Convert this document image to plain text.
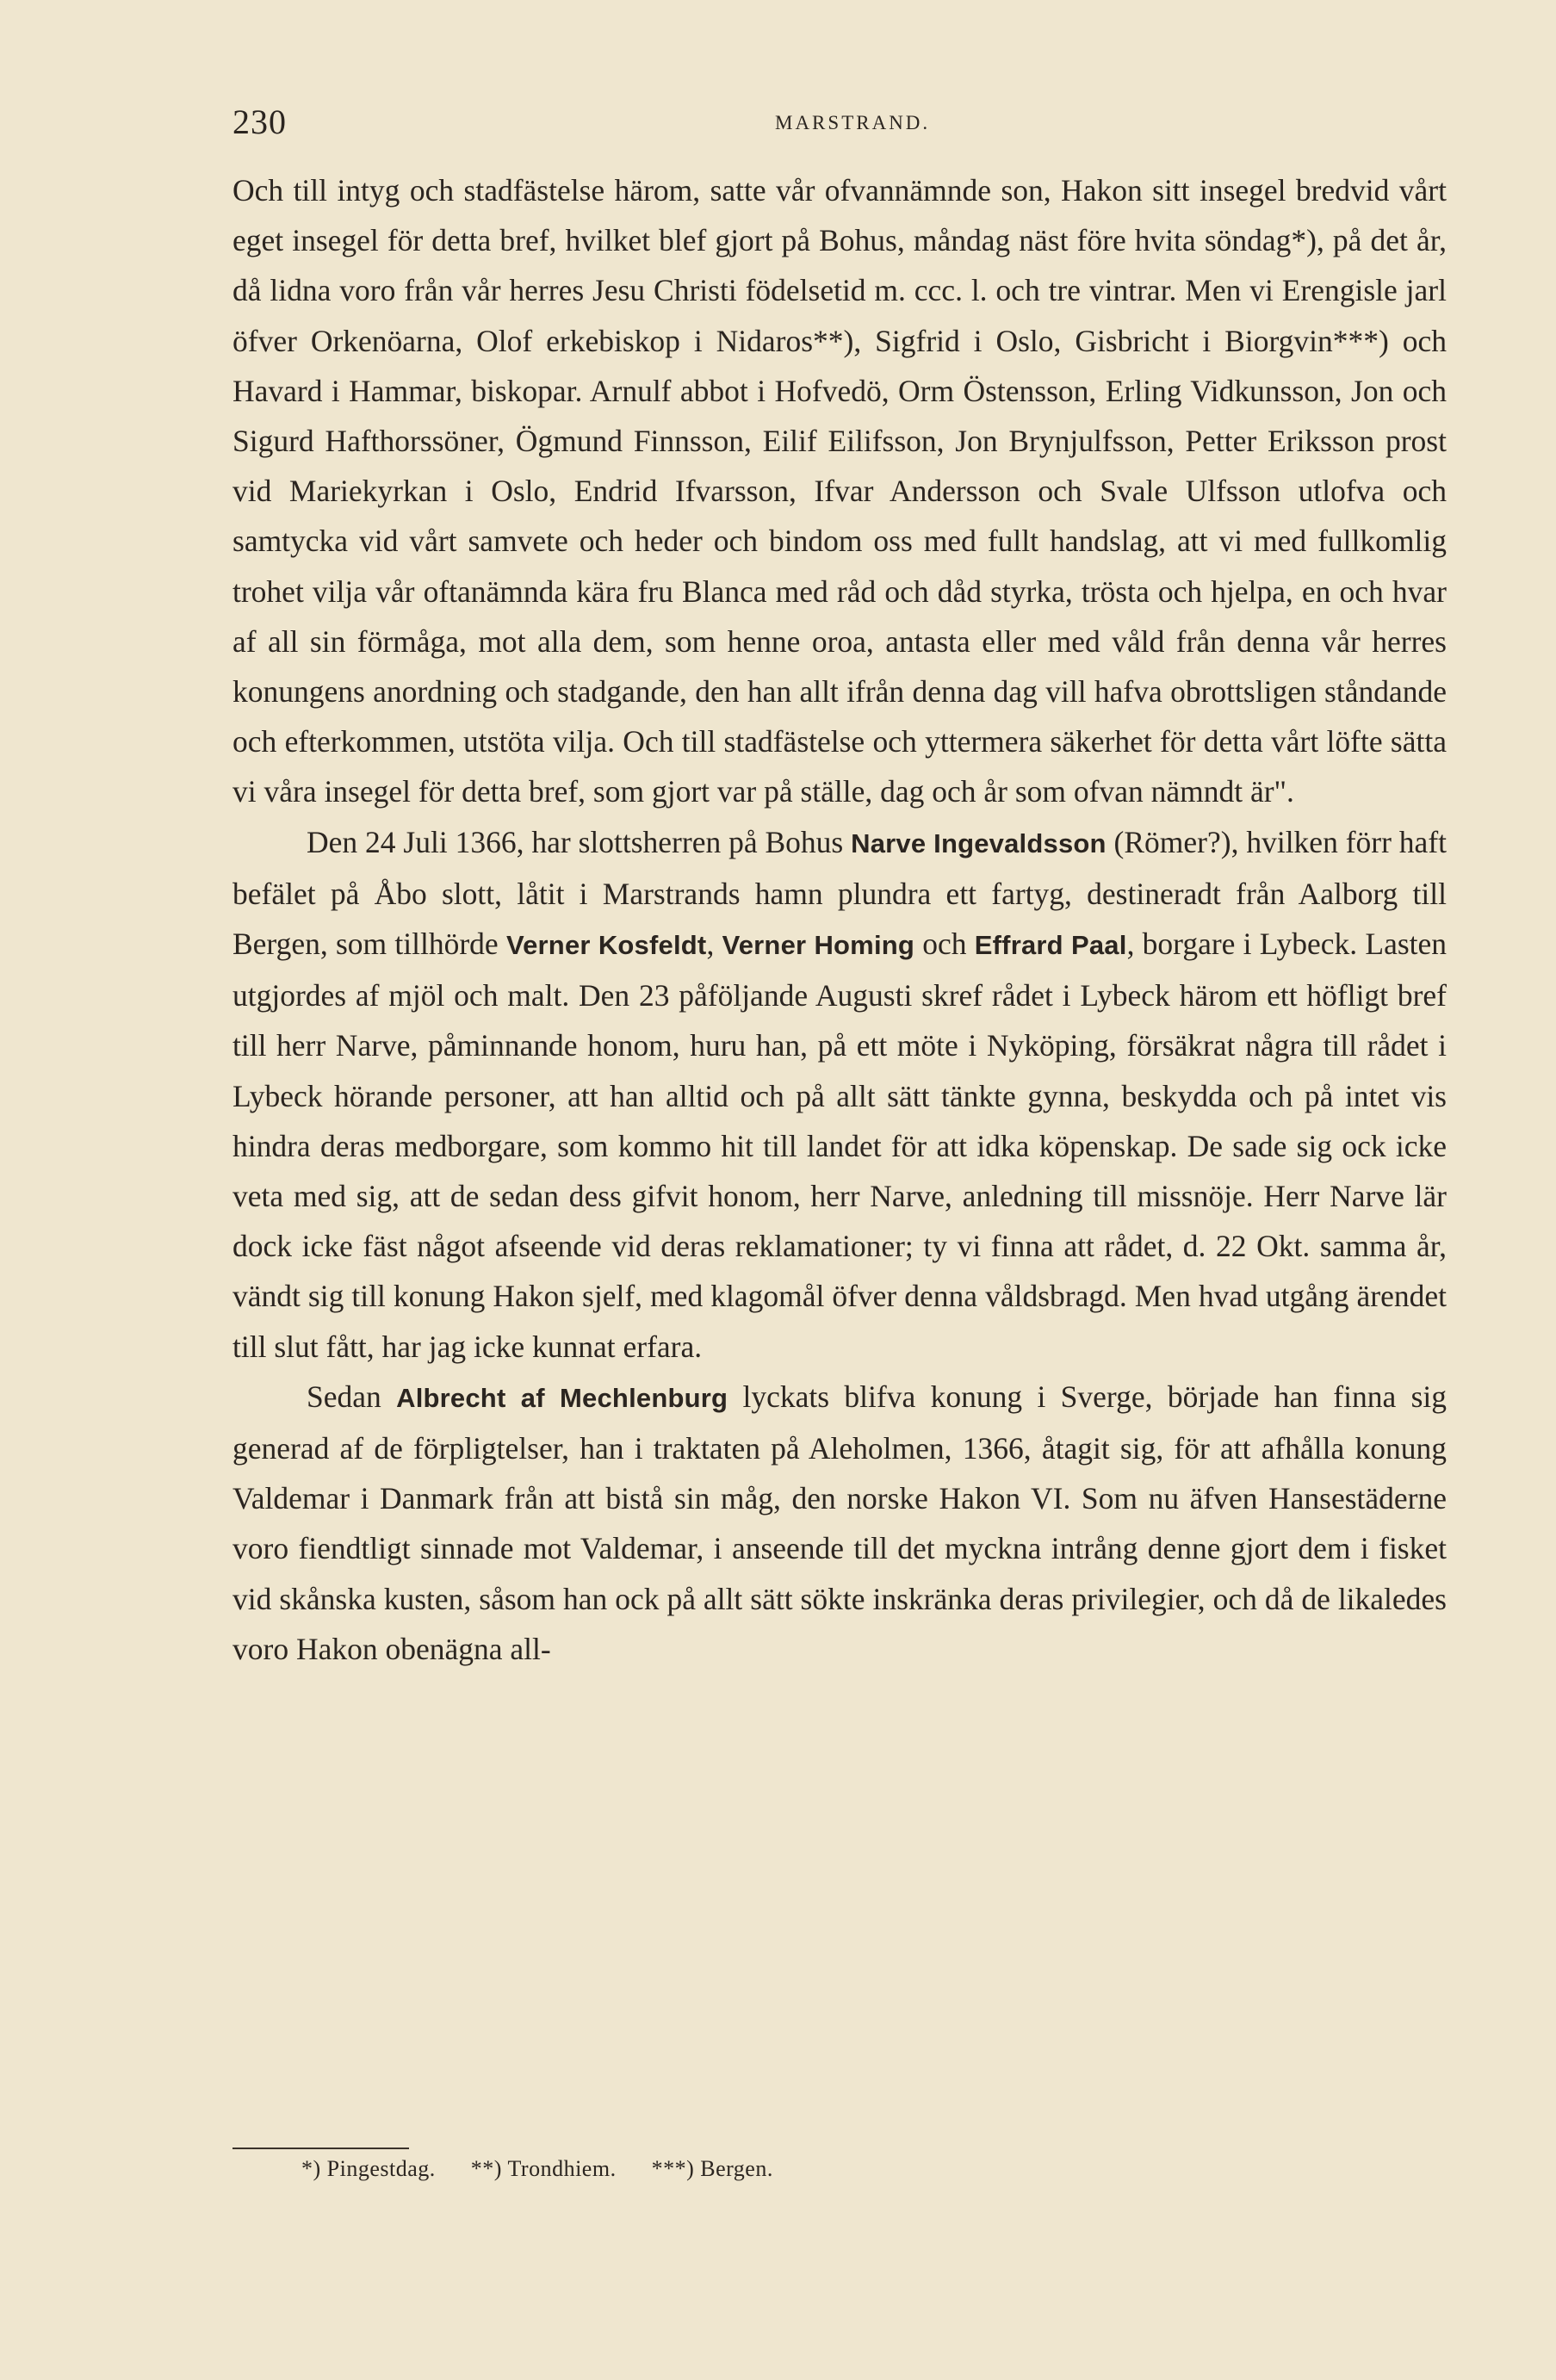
230	MARSTRAND.

Och till intyg och stadfästelse härom, satte vår ofvannämnde son, Hakon sitt insegel bredvid vårt eget insegel för detta bref, hvilket blef gjort på Bohus, måndag näst före hvita söndag*), på det år, då lidna voro från vår herres Jesu Christi födelsetid m. ccc. l. och tre vintrar. Men vi Erengisle jarl öfver Orkenöarna, Olof erkebiskop i Nidaros**), Sigfrid i Oslo, Gisbricht i Biorgvin***) och Havard i Hammar, biskopar. Arnulf abbot i Hofvedö, Orm Östensson, Erling Vidkunsson, Jon och Sigurd Hafthorssöner, Ögmund Finnsson, Eilif Eilifsson, Jon Brynjulfsson, Petter Eriksson prost vid Mariekyrkan i Oslo, Endrid Ifvarsson, Ifvar Andersson och Svale Ulfsson utlofva och samtycka vid vårt samvete och heder och bindom oss med fullt handslag, att vi med fullkomlig trohet vilja vår oftanämnda kära fru Blanca med råd och dåd styrka, trösta och hjelpa, en och hvar af all sin förmåga, mot alla dem, som henne oroa, antasta eller med våld från denna vår herres konungens anordning och stadgande, den han allt ifrån denna dag vill hafva obrottsligen ståndande och efterkommen, utstöta vilja. Och till stadfästelse och yttermera säkerhet för detta vårt löfte sätta vi våra insegel för detta bref, som gjort var på ställe, dag och år som ofvan nämndt är".

Den 24 Juli 1366, har slottsherren på Bohus Narve Ingevaldsson (Römer?), hvilken förr haft befälet på Åbo slott, låtit i Marstrands hamn plundra ett fartyg, destineradt från Aalborg till Bergen, som tillhörde Verner Kosfeldt, Verner Homing och Effrard Paal, borgare i Lybeck. Lasten utgjordes af mjöl och malt. Den 23 påföljande Augusti skref rådet i Lybeck härom ett höfligt bref till herr Narve, påminnande honom, huru han, på ett möte i Nyköping, försäkrat några till rådet i Lybeck hörande personer, att han alltid och på allt sätt tänkte gynna, beskydda och på intet vis hindra deras medborgare, som kommo hit till landet för att idka köpenskap. De sade sig ock icke veta med sig, att de sedan dess gifvit honom, herr Narve, anledning till missnöje. Herr Narve lär dock icke fäst något afseende vid deras reklamationer; ty vi finna att rådet, d. 22 Okt. samma år, vändt sig till konung Hakon sjelf, med klagomål öfver denna våldsbragd. Men hvad utgång ärendet till slut fått, har jag icke kunnat erfara.

Sedan Albrecht af Mechlenburg lyckats blifva konung i Sverge, började han finna sig generad af de förpligtelser, han i traktaten på Aleholmen, 1366, åtagit sig, för att afhålla konung Valdemar i Danmark från att bistå sin måg, den norske Hakon VI. Som nu äfven Hansestäderne voro fiendtligt sinnade mot Valdemar, i anseende till det myckna intrång denne gjort dem i fisket vid skånska kusten, såsom han ock på allt sätt sökte inskränka deras privilegier, och då de likaledes voro Hakon obenägna all-

*) Pingestdag. **) Trondhiem. ***) Bergen.
